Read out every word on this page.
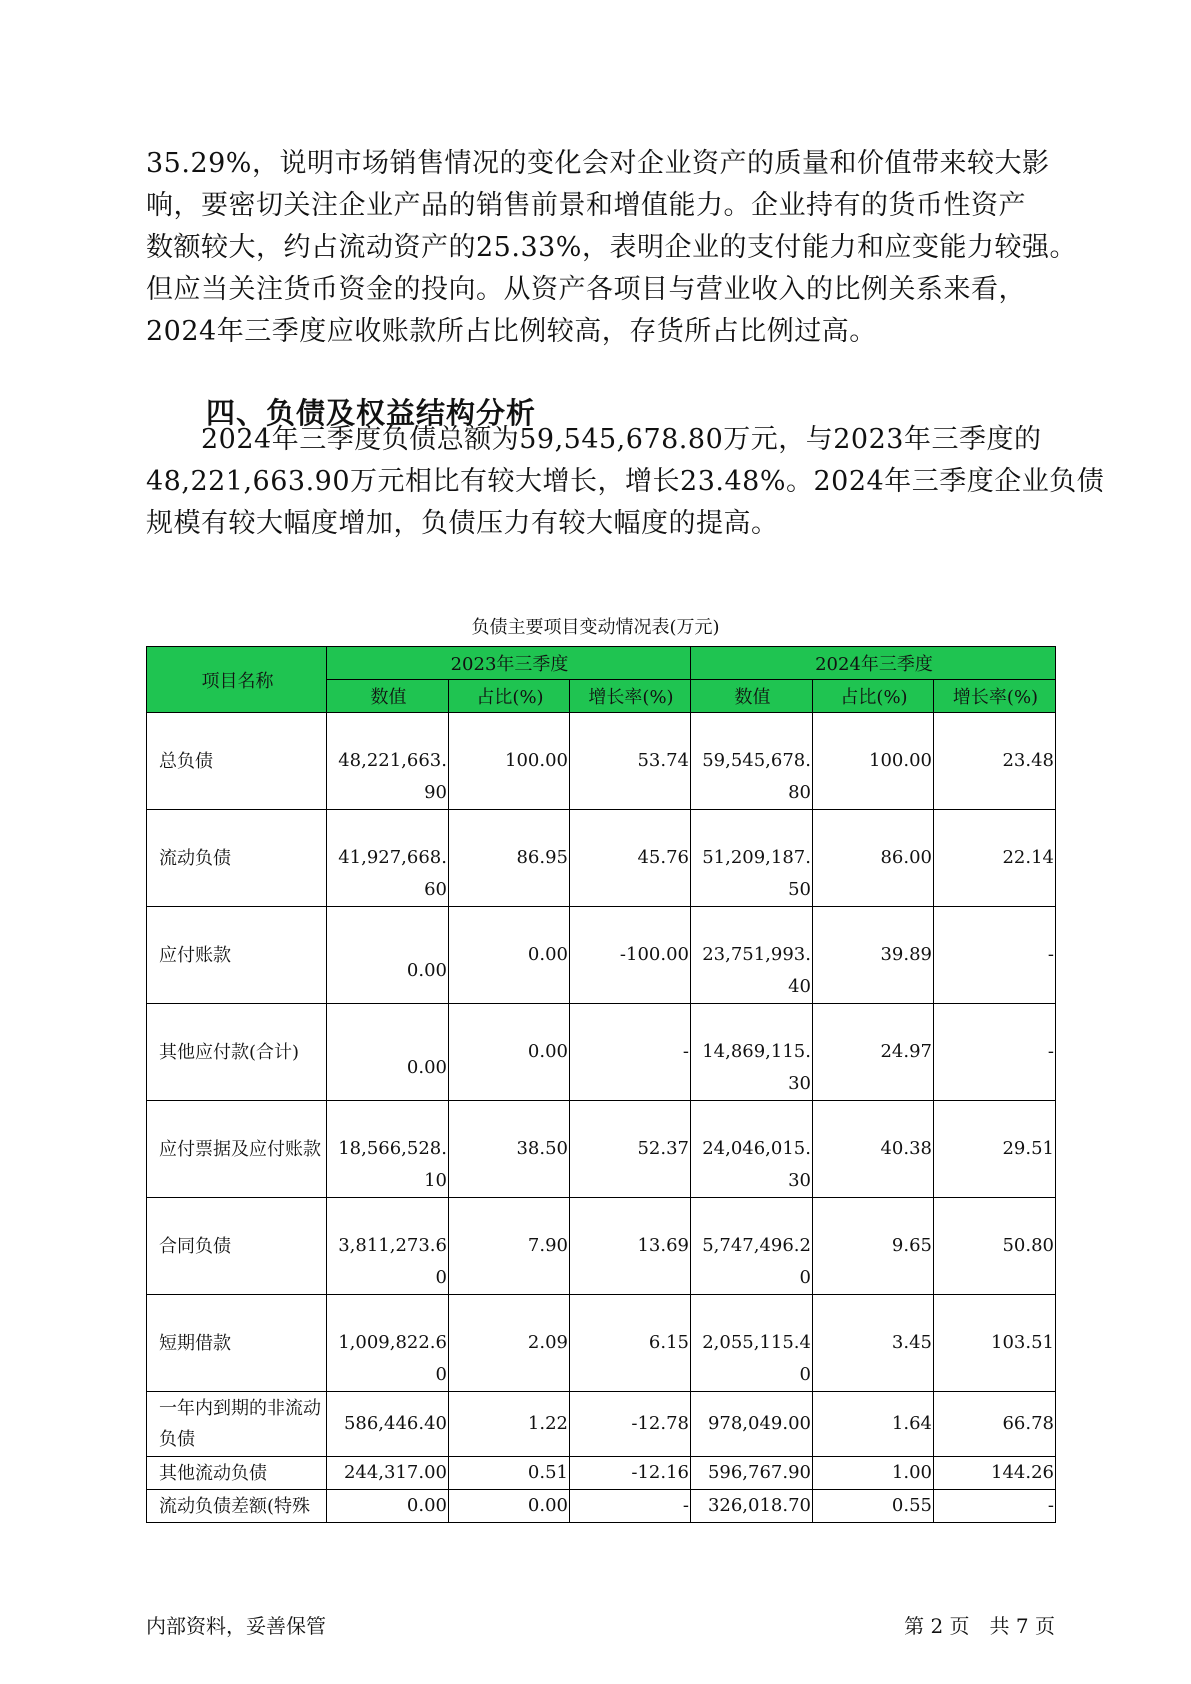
35.29%，说明市场销售情况的变化会对企业资产的质量和价值带来较大影
响，要密切关注企业产品的销售前景和增值能力。企业持有的货币性资产
数额较大，约占流动资产的25.33%，表明企业的支付能力和应变能力较强。
但应当关注货币资金的投向。从资产各项目与营业收入的比例关系来看，
2024年三季度应收账款所占比例较高，存货所占比例过高。
四、负债及权益结构分析
　　2024年三季度负债总额为59,545,678.80万元，与2023年三季度的
48,221,663.90万元相比有较大增长，增长23.48%。2024年三季度企业负债
规模有较大幅度增加，负债压力有较大幅度的提高。
负债主要项目变动情况表(万元)
项目名称	2023年三季度			2024年三季度		
	数值	占比(%)	增长率(%)	数值	占比(%)	增长率(%)
总负债	48,221,663.90	100.00	53.74	59,545,678.80	100.00	23.48

流动负债	41,927,668.60	86.95	45.76	51,209,187.50	86.00	22.14

应付账款	0.00	0.00	-100.00	23,751,993.40	39.89	-

其他应付款(合计)	0.00	0.00	-	14,869,115.30	24.97	-

应付票据及应付账款	18,566,528.10	38.50	52.37	24,046,015.30	40.38	29.51

合同负债	3,811,273.60	7.90	13.69	5,747,496.20	9.65	50.80

短期借款	1,009,822.60	2.09	6.15	2,055,115.40	3.45	103.51

一年内到期的非流动负债	586,446.40	1.22	-12.78	978,049.00	1.64	66.78
其他流动负债	244,317.00	0.51	-12.16	596,767.90	1.00	144.26
流动负债差额(特殊	0.00	0.00	-	326,018.70	0.55	-
内部资料，妥善保管	第 2 页　共 7 页
